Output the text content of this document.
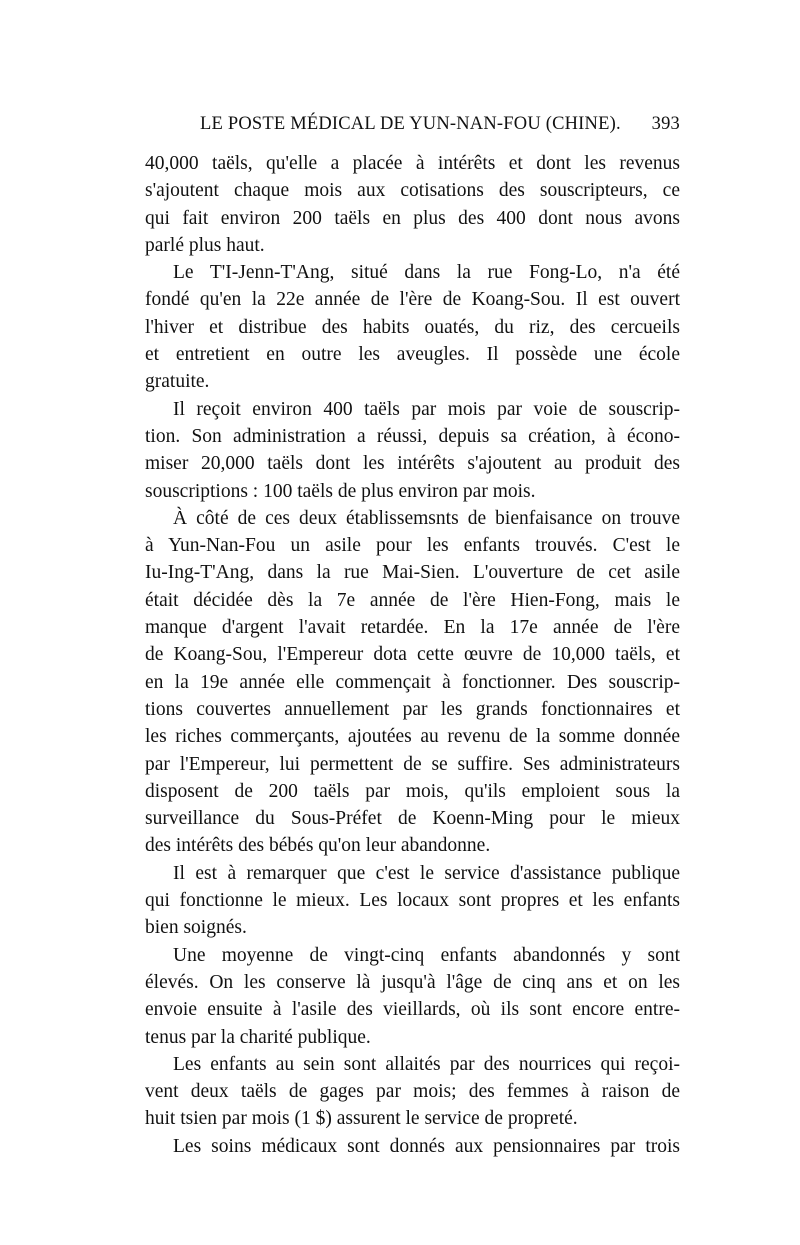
LE POSTE MÉDICAL DE YUN-NAN-FOU (CHINE). 393
40,000 taëls, qu'elle a placée à intérêts et dont les revenus
s'ajoutent chaque mois aux cotisations des souscripteurs, ce
qui fait environ 200 taëls en plus des 400 dont nous avons
parlé plus haut.
Le T'I-Jenn-T'Ang, situé dans la rue Fong-Lo, n'a été
fondé qu'en la 22e année de l'ère de Koang-Sou. Il est ouvert
l'hiver et distribue des habits ouatés, du riz, des cercueils
et entretient en outre les aveugles. Il possède une école
gratuite.
Il reçoit environ 400 taëls par mois par voie de souscrip-
tion. Son administration a réussi, depuis sa création, à écono-
miser 20,000 taëls dont les intérêts s'ajoutent au produit des
souscriptions : 100 taëls de plus environ par mois.
À côté de ces deux établissemsnts de bienfaisance on trouve
à Yun-Nan-Fou un asile pour les enfants trouvés. C'est le
Iu-Ing-T'Ang, dans la rue Mai-Sien. L'ouverture de cet asile
était décidée dès la 7e année de l'ère Hien-Fong, mais le
manque d'argent l'avait retardée. En la 17e année de l'ère
de Koang-Sou, l'Empereur dota cette œuvre de 10,000 taëls, et
en la 19e année elle commençait à fonctionner. Des souscrip-
tions couvertes annuellement par les grands fonctionnaires et
les riches commerçants, ajoutées au revenu de la somme donnée
par l'Empereur, lui permettent de se suffire. Ses administrateurs
disposent de 200 taëls par mois, qu'ils emploient sous la
surveillance du Sous-Préfet de Koenn-Ming pour le mieux
des intérêts des bébés qu'on leur abandonne.
Il est à remarquer que c'est le service d'assistance publique
qui fonctionne le mieux. Les locaux sont propres et les enfants
bien soignés.
Une moyenne de vingt-cinq enfants abandonnés y sont
élevés. On les conserve là jusqu'à l'âge de cinq ans et on les
envoie ensuite à l'asile des vieillards, où ils sont encore entre-
tenus par la charité publique.
Les enfants au sein sont allaités par des nourrices qui reçoi-
vent deux taëls de gages par mois; des femmes à raison de
huit tsien par mois (1 $) assurent le service de propreté.
Les soins médicaux sont donnés aux pensionnaires par trois
